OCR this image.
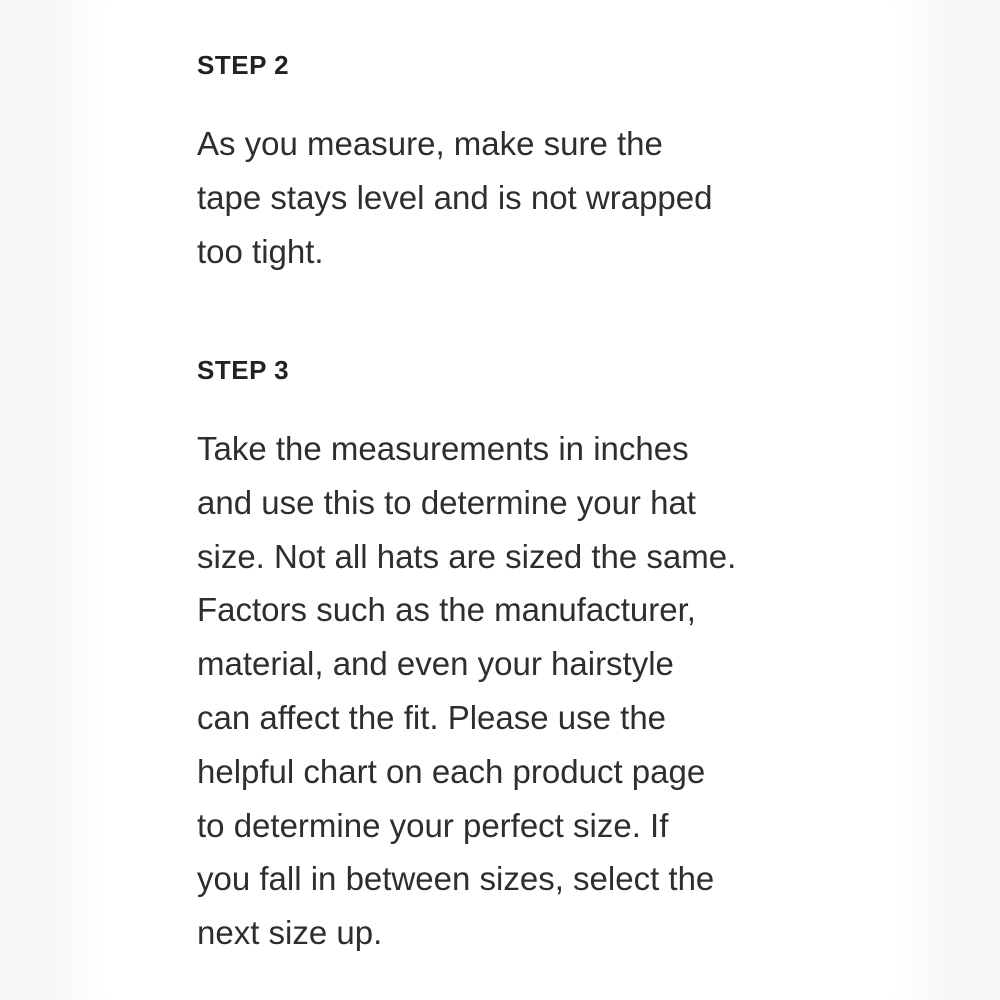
STEP 2

As you measure, make sure the
tape stays level and is not wrapped
too tight.

STEP 3

Take the measurements in inches
and use this to determine your hat
size. Not all hats are sized the same.
Factors such as the manufacturer,
material, and even your hairstyle
can affect the fit. Please use the
helpful chart on each product page
to determine your perfect size. If
you fall in between sizes, select the
next size up.
